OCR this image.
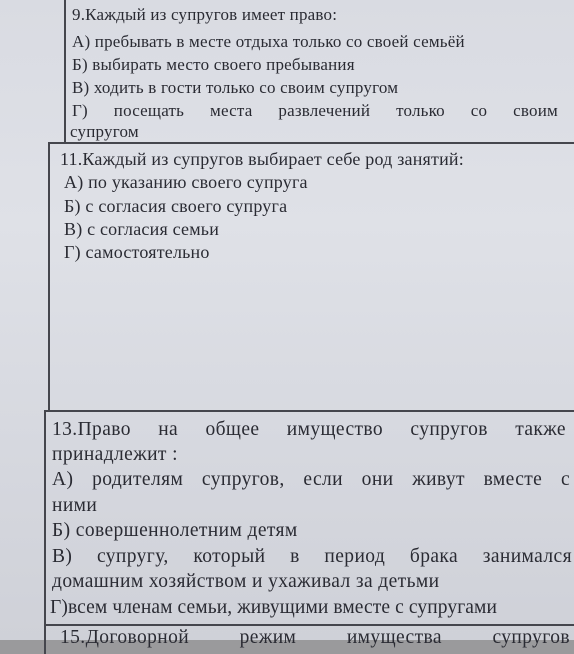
9.Каждый из супругов имеет право:
А) пребывать в месте отдыха только со своей семьёй
Б) выбирать место своего пребывания
В) ходить в гости только со своим супругом
Г) посещать места развлечений только со своим
супругом
11.Каждый из супругов выбирает себе род занятий:
А) по указанию своего супруга
Б) с согласия своего супруга
В) с согласия семьи
Г) самостоятельно
13.Право на общее имущество супругов также
принадлежит :
А) родителям супругов, если они живут вместе с
ними
Б) совершеннолетним детям
В) супругу, который в период брака занимался
домашним хозяйством и ухаживал за детьми
Г)всем членам семьи, живущими вместе с супругами
15.Договорной	режим	имущества	супругов
